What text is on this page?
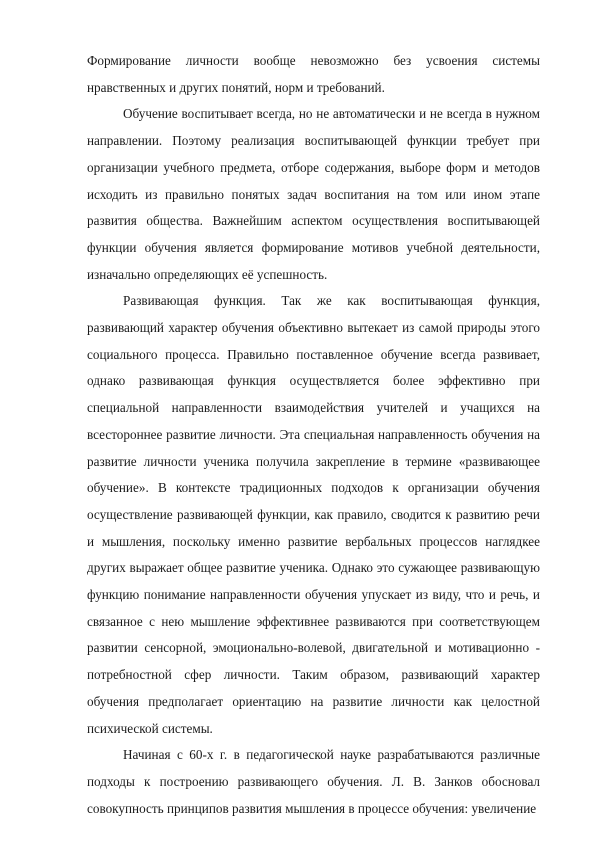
Формирование личности вообще невозможно без усвоения системы нравственных и других понятий, норм и требований.

Обучение воспитывает всегда, но не автоматически и не всегда в нужном направлении. Поэтому реализация воспитывающей функции требует при организации учебного предмета, отборе содержания, выборе форм и методов исходить из правильно понятых задач воспитания на том или ином этапе развития общества. Важнейшим аспектом осуществления воспитывающей функции обучения является формирование мотивов учебной деятельности, изначально определяющих её успешность.

Развивающая функция. Так же как воспитывающая функция, развивающий характер обучения объективно вытекает из самой природы этого социального процесса. Правильно поставленное обучение всегда развивает, однако развивающая функция осуществляется более эффективно при специальной направленности взаимодействия учителей и учащихся на всестороннее развитие личности. Эта специальная направленность обучения на развитие личности ученика получила закрепление в термине «развивающее обучение». В контексте традиционных подходов к организации обучения осуществление развивающей функции, как правило, сводится к развитию речи и мышления, поскольку именно развитие вербальных процессов наглядкее других выражает общее развитие ученика. Однако это сужающее развивающую функцию понимание направленности обучения упускает из виду, что и речь, и связанное с нею мышление эффективнее развиваются при соответствующем развитии сенсорной, эмоционально-волевой, двигательной и мотивационно - потребностной сфер личности. Таким образом, развивающий характер обучения предполагает ориентацию на развитие личности как целостной психической системы.

Начиная с 60-х г. в педагогической науке разрабатываются различные подходы к построению развивающего обучения. Л. В. Занков обосновал совокупность принципов развития мышления в процессе обучения: увеличение
